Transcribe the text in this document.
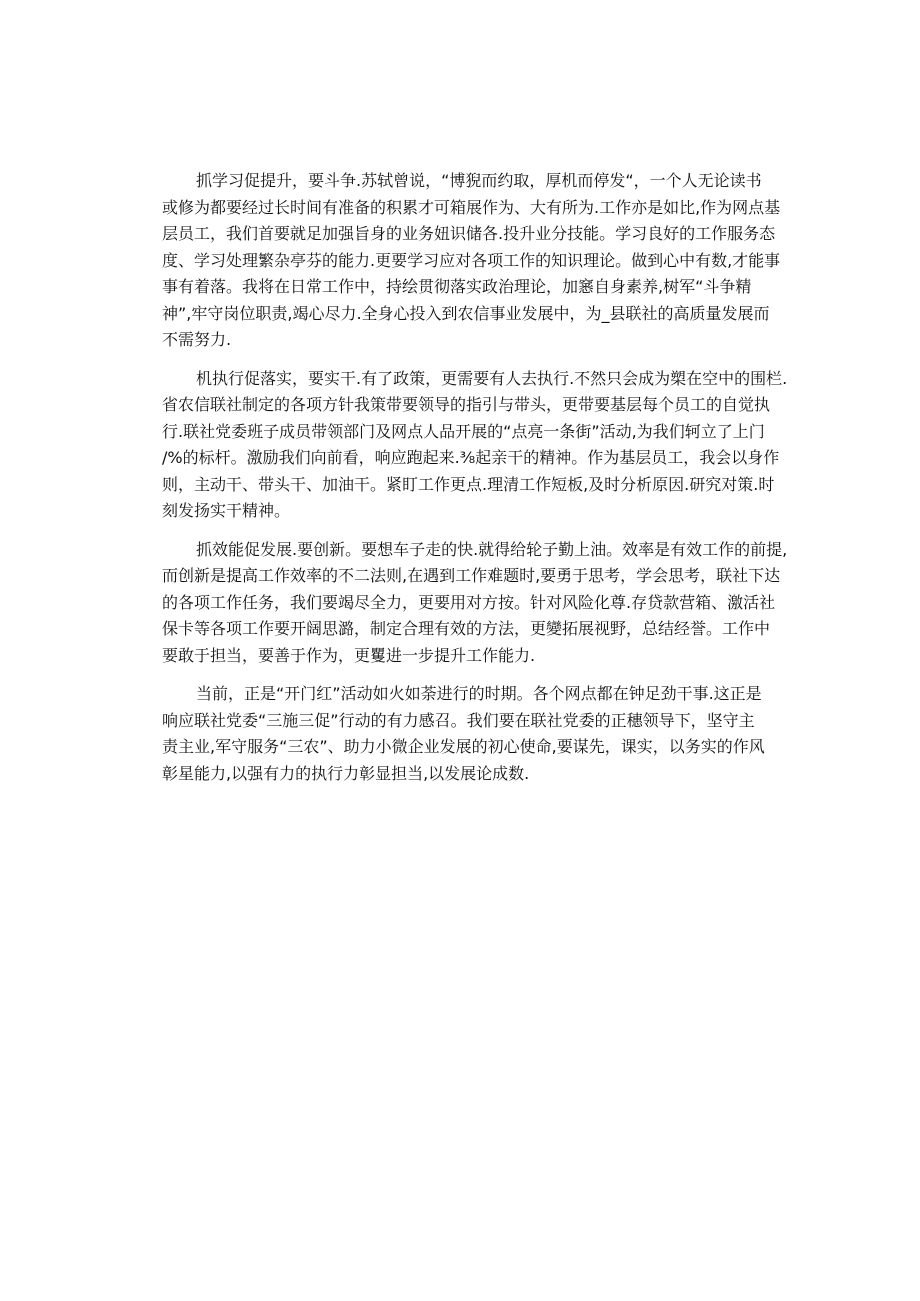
抓学习促提升，要斗争.苏轼曾说，“博猊而约取，厚机而停发“，一个人无论读书
或修为都要经过长时间有准备的积累才可箱展作为、大有所为.工作亦是如比,作为网点基
层员工，我们首要就足加强旨身的业务妞识储各.投升业分技能。学习良好的工作服务态
度、学习处理繁杂亭芬的能力.更要学习应对各项工作的知识理论。做到心中有数,才能事
事有着落。我将在日常工作中，持绘贯彻落实政治理论，加窸自身素养,树军“斗争精
神”,牢守岗位职责,竭心尽力.全身心投入到农信事业发展中，为_县联社的高质量发展而
不需努力.
机执行促落实，要实干.有了政策，更需要有人去执行.不然只会成为槊在空中的围栏.
省农信联社制定的各项方针我策带要领导的指引与带头，更带要基层每个员工的自觉执
行.联社党委班子成员带领部门及网点人品开展的“点亮一条街”活动,为我们轲立了上门
/%的标杆。激励我们向前看，响应跑起来.⅜起亲干的精神。作为基层员工，我会以身作
则，主动干、带头干、加油干。紧盯工作更点.理清工作短板,及时分析原因.研究对策.时
刻发扬实干精神。
抓效能促发展.要创新。要想车子走的快.就得给轮子勤上油。效率是有效工作的前提,
而创新是提高工作效率的不二法则,在遇到工作难题时,要勇于思考，学会思考，联社下达
的各项工作任务，我们要竭尽全力，更要用对方按。针对风险化尊.存贷款营箱、激活社
保卡等各项工作要开阔思潞，制定合理有效的方法，更變拓展视野，总结经誉。工作中
要敢于担当，要善于作为，更矍进一步提升工作能力.
当前，正是“开门红”活动如火如荼进行的时期。各个网点都在钟足劲干事.这正是
响应联社党委“三施三促”行动的有力感召。我们要在联社党委的正穗领导下，坚守主
责主业,军守服务“三农”、助力小微企业发展的初心使命,要谋先，课实，以务实的作风
彰星能力,以强有力的执行力彰显担当,以发展论成数.
